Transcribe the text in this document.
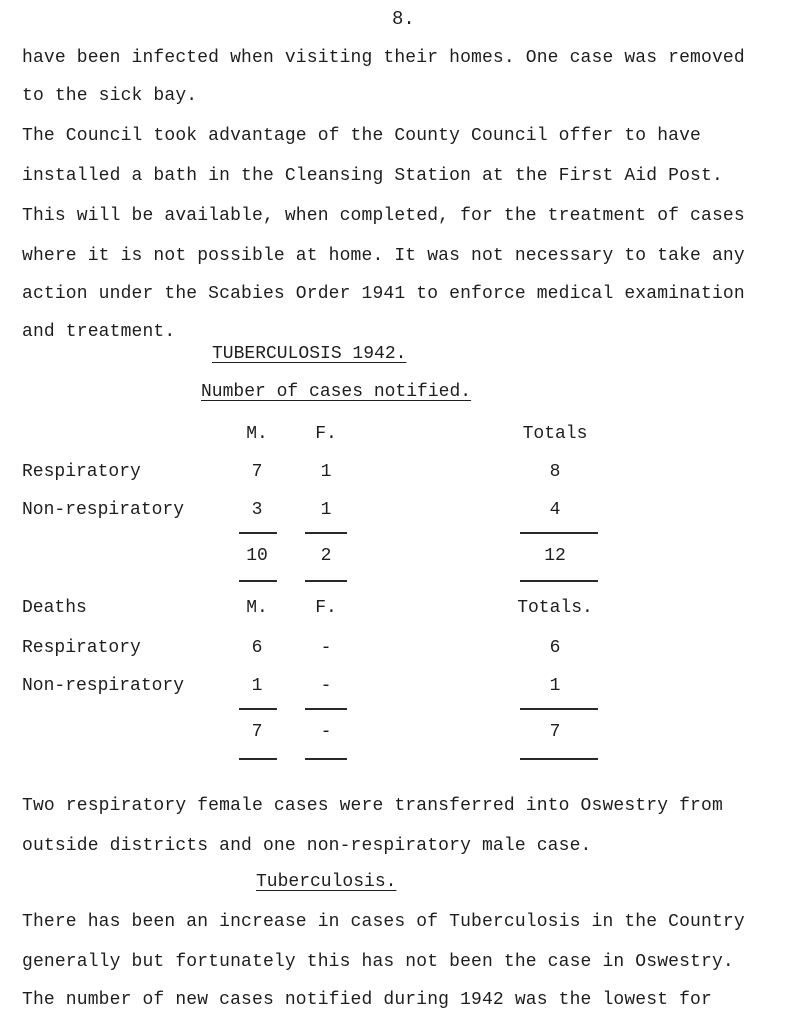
8.
have been infected when visiting their homes. One case was removed
to the sick bay.
The Council took advantage of the County Council offer to have
installed a bath in the Cleansing Station at the First Aid Post.
This will be available, when completed, for the treatment of cases
where it is not possible at home. It was not necessary to take any
action under the Scabies Order 1941 to enforce medical examination
and treatment.
TUBERCULOSIS 1942.
Number of cases notified.
M.	F.	Totals
Respiratory	7	1	8
Non-respiratory	3	1	4
10	2	12
Deaths	M.	F.	Totals.
Respiratory	6	-	6
Non-respiratory	1	-	1
7	-	7
Two respiratory female cases were transferred into Oswestry from
outside districts and one non-respiratory male case.
Tuberculosis.
There has been an increase in cases of Tuberculosis in the Country
generally but fortunately this has not been the case in Oswestry.
The number of new cases notified during 1942 was the lowest for
